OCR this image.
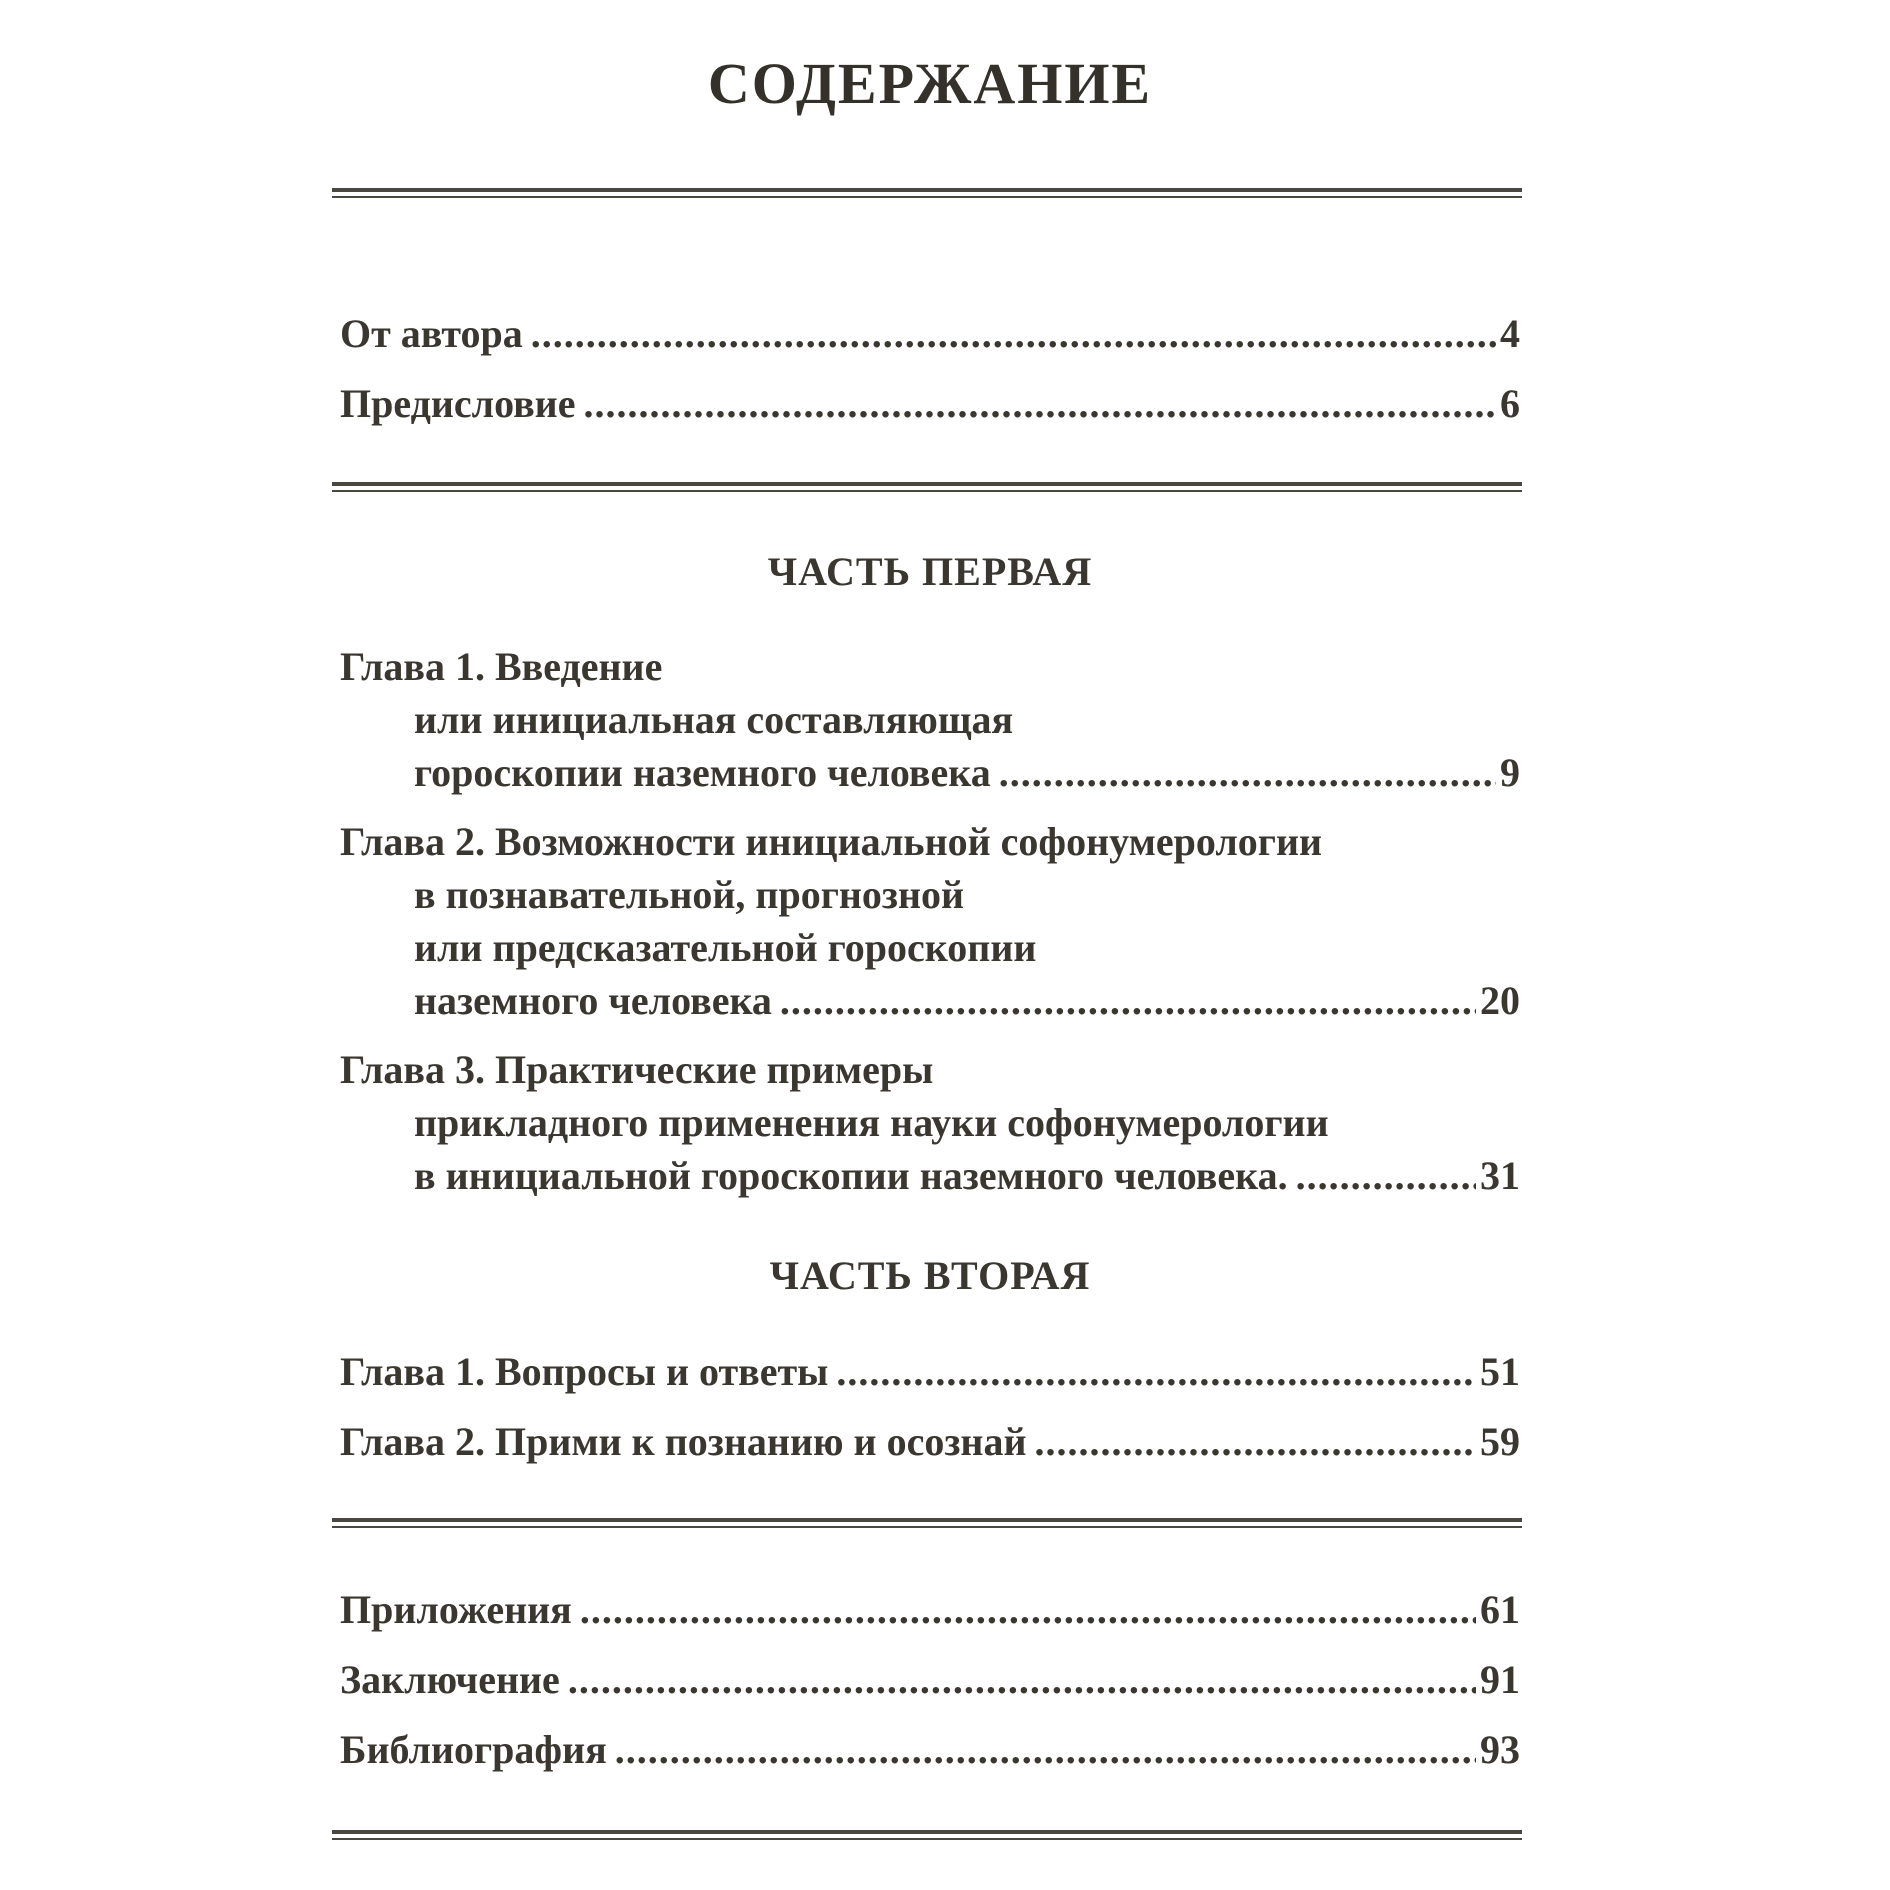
СОДЕРЖАНИЕ
От автора .....	4
Предисловие .....	6
ЧАСТЬ ПЕРВАЯ
Глава 1. Введение
или инициальная составляющая
гороскопии наземного человека .....	9
Глава 2. Возможности инициальной софонумерологии
в познавательной, прогнозной
или предсказательной гороскопии
наземного человека .....	20
Глава 3. Практические примеры
прикладного применения науки софонумерологии
в инициальной гороскопии наземного человека. .....	31
ЧАСТЬ ВТОРАЯ
Глава 1. Вопросы и ответы .....	51
Глава 2. Прими к познанию и осознай .....	59
Приложения .....	61
Заключение .....	91
Библиография .....	93
